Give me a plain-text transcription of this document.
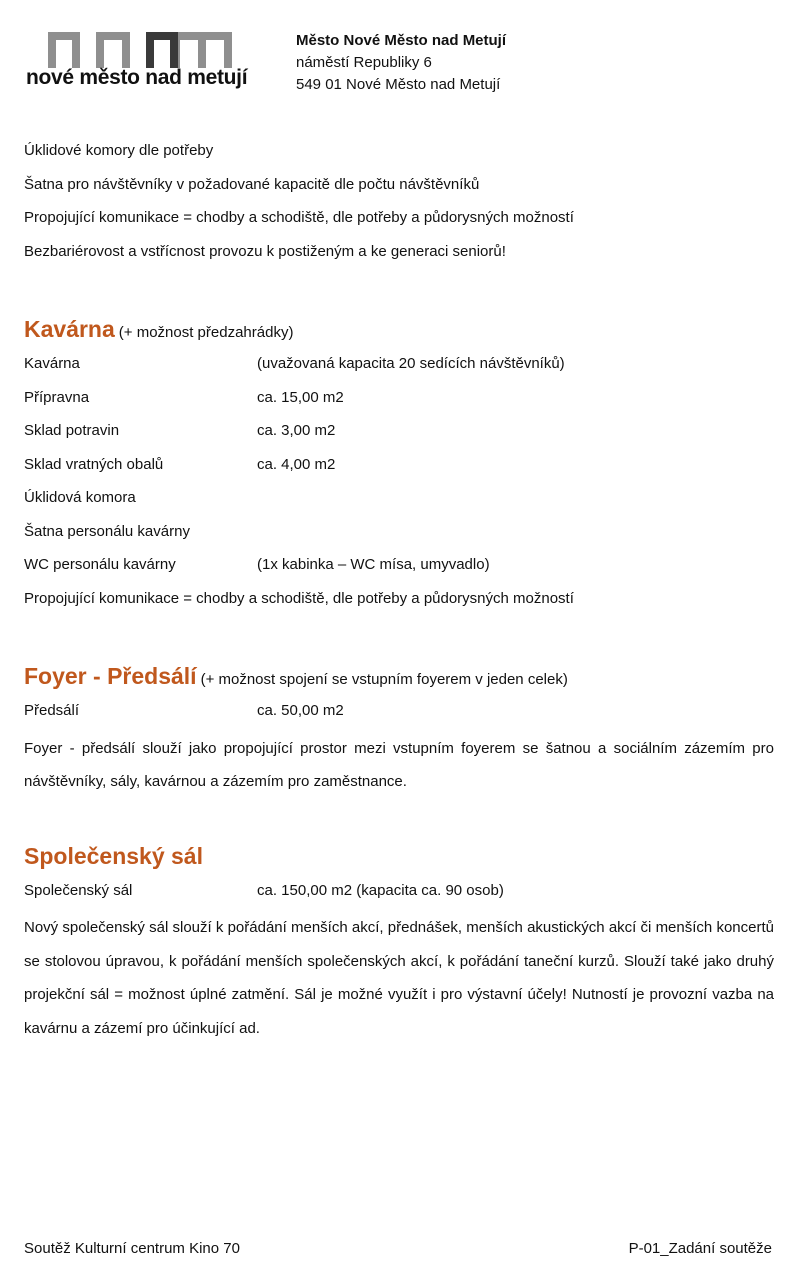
nové město nad metují
Město Nové Město nad Metují
náměstí Republiky 6
549 01 Nové Město nad Metují
Úklidové komory dle potřeby
Šatna pro návštěvníky v požadované kapacitě dle počtu návštěvníků
Propojující komunikace = chodby a schodiště, dle potřeby a půdorysných možností
Bezbariérovost a vstřícnost provozu k postiženým a ke generaci seniorů!
Kavárna (+ možnost předzahrádky)
Kavárna	(uvažovaná kapacita 20 sedících návštěvníků)
Přípravna	ca. 15,00 m2
Sklad potravin	ca. 3,00 m2
Sklad vratných obalů	ca. 4,00 m2
Úklidová komora
Šatna personálu kavárny
WC personálu kavárny	(1x kabinka – WC mísa, umyvadlo)
Propojující komunikace = chodby a schodiště, dle potřeby a půdorysných možností
Foyer - Předsálí (+ možnost spojení se vstupním foyerem v jeden celek)
Předsálí	ca. 50,00 m2
Foyer - předsálí slouží jako propojující prostor mezi vstupním foyerem se šatnou a sociálním zázemím pro návštěvníky, sály, kavárnou a zázemím pro zaměstnance.
Společenský sál
Společenský sál	ca. 150,00 m2 (kapacita ca. 90 osob)
Nový společenský sál slouží k pořádání menších akcí, přednášek, menších akustických akcí či menších koncertů se stolovou úpravou, k pořádání menších společenských akcí, k pořádání taneční kurzů. Slouží také jako druhý projekční sál = možnost úplné zatmění. Sál je možné využít i pro výstavní účely! Nutností je provozní vazba na kavárnu a zázemí pro účinkující ad.
Soutěž Kulturní centrum Kino 70	P-01_Zadání soutěže
